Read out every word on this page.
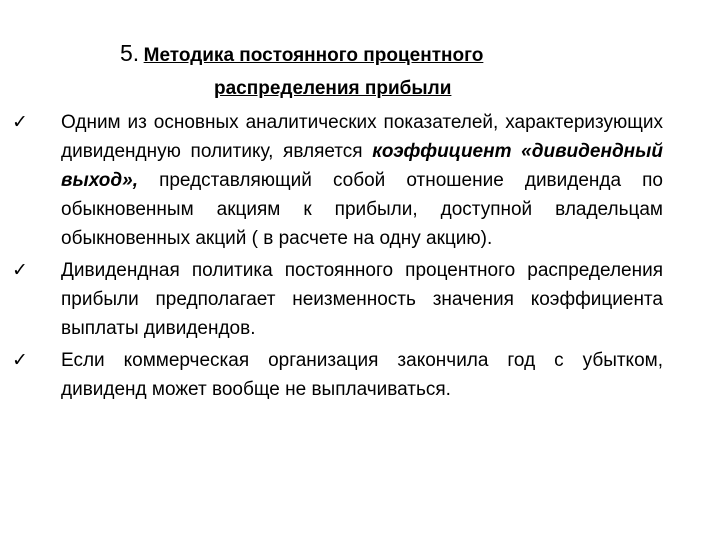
5. Методика постоянного процентного
распределения прибыли
✓ Одним из основных аналитических показателей, характеризующих дивидендную политику, является коэффициент «дивидендный выход», представляющий собой отношение дивиденда по обыкновенным акциям к прибыли, доступной владельцам обыкновенных акций ( в расчете на одну акцию).
✓ Дивидендная политика постоянного процентного распределения прибыли предполагает неизменность значения коэффициента выплаты дивидендов.
✓ Если коммерческая организация закончила год с убытком, дивиденд может вообще не выплачиваться.
